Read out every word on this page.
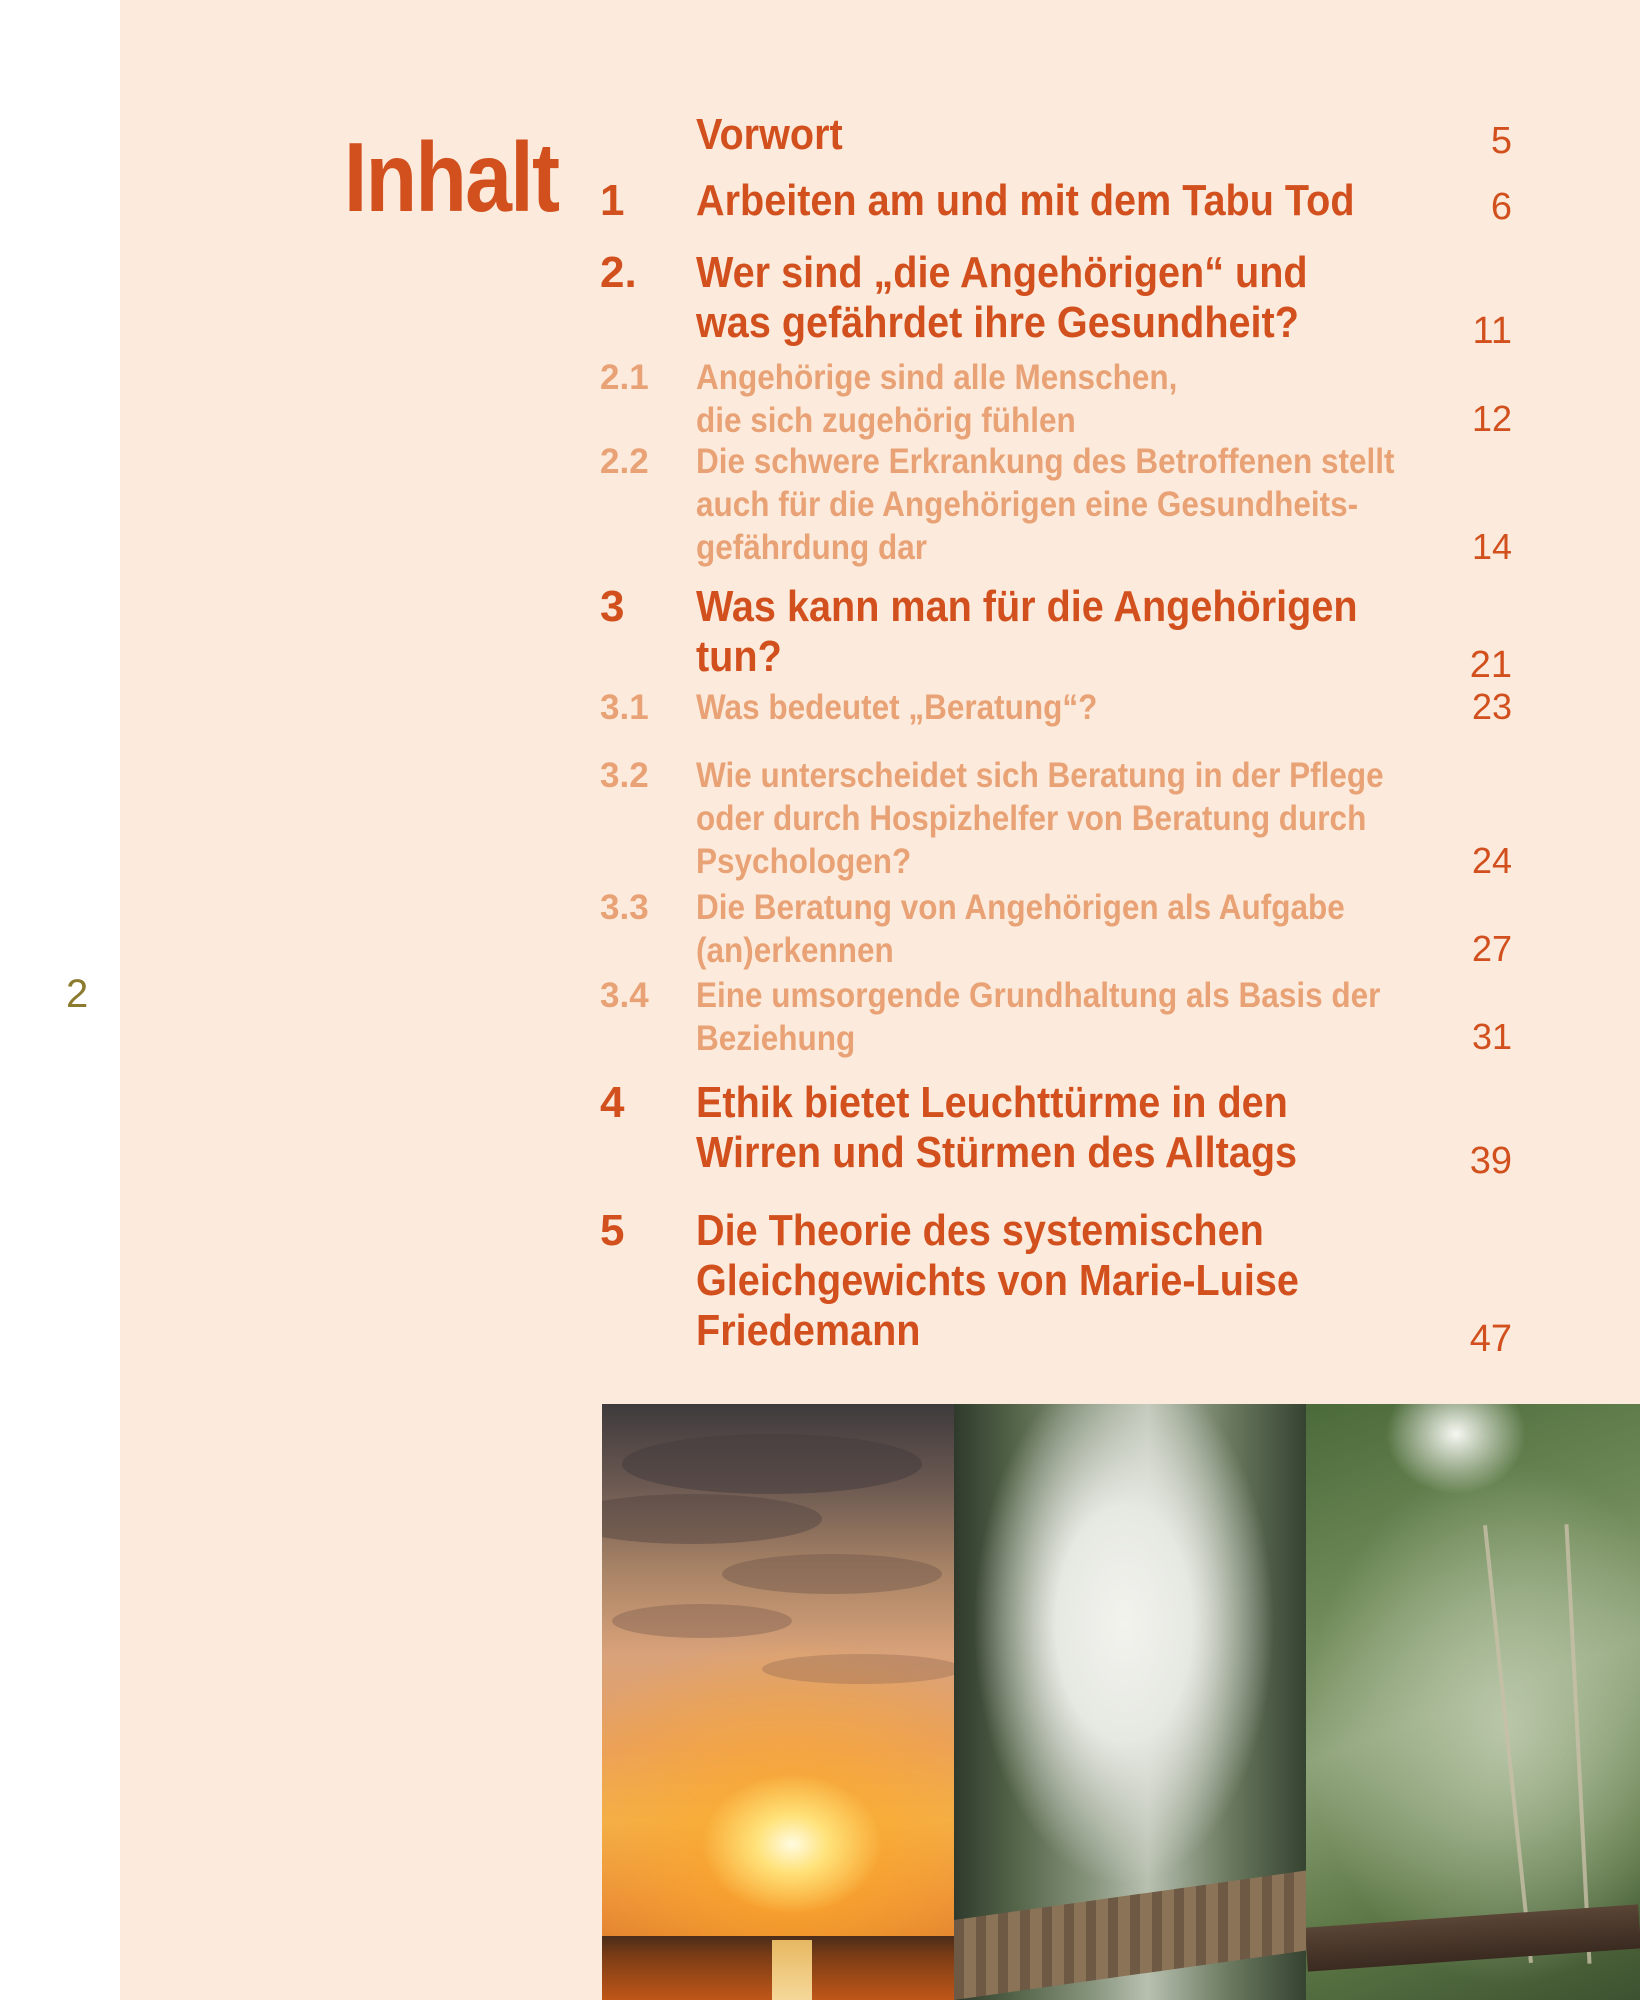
2
Inhalt	Vorwort	5
1 Arbeiten am und mit dem Tabu Tod	6
2. Wer sind „die Angehörigen“ und
was gefährdet ihre Gesundheit?	11
2.1 Angehörige sind alle Menschen,
die sich zugehörig fühlen	12
2.2 Die schwere Erkrankung des Betroffenen stellt
auch für die Angehörigen eine Gesundheits-
gefährdung dar	14
3 Was kann man für die Angehörigen
tun?	21
3.1 Was bedeutet „Beratung“?	23
3.2 Wie unterscheidet sich Beratung in der Pflege
oder durch Hospizhelfer von Beratung durch
Psychologen?	24
3.3 Die Beratung von Angehörigen als Aufgabe
(an)erkennen	27
3.4 Eine umsorgende Grundhaltung als Basis der
Beziehung	31
4 Ethik bietet Leuchttürme in den
Wirren und Stürmen des Alltags	39
5 Die Theorie des systemischen
Gleichgewichts von Marie-Luise
Friedemann	47
